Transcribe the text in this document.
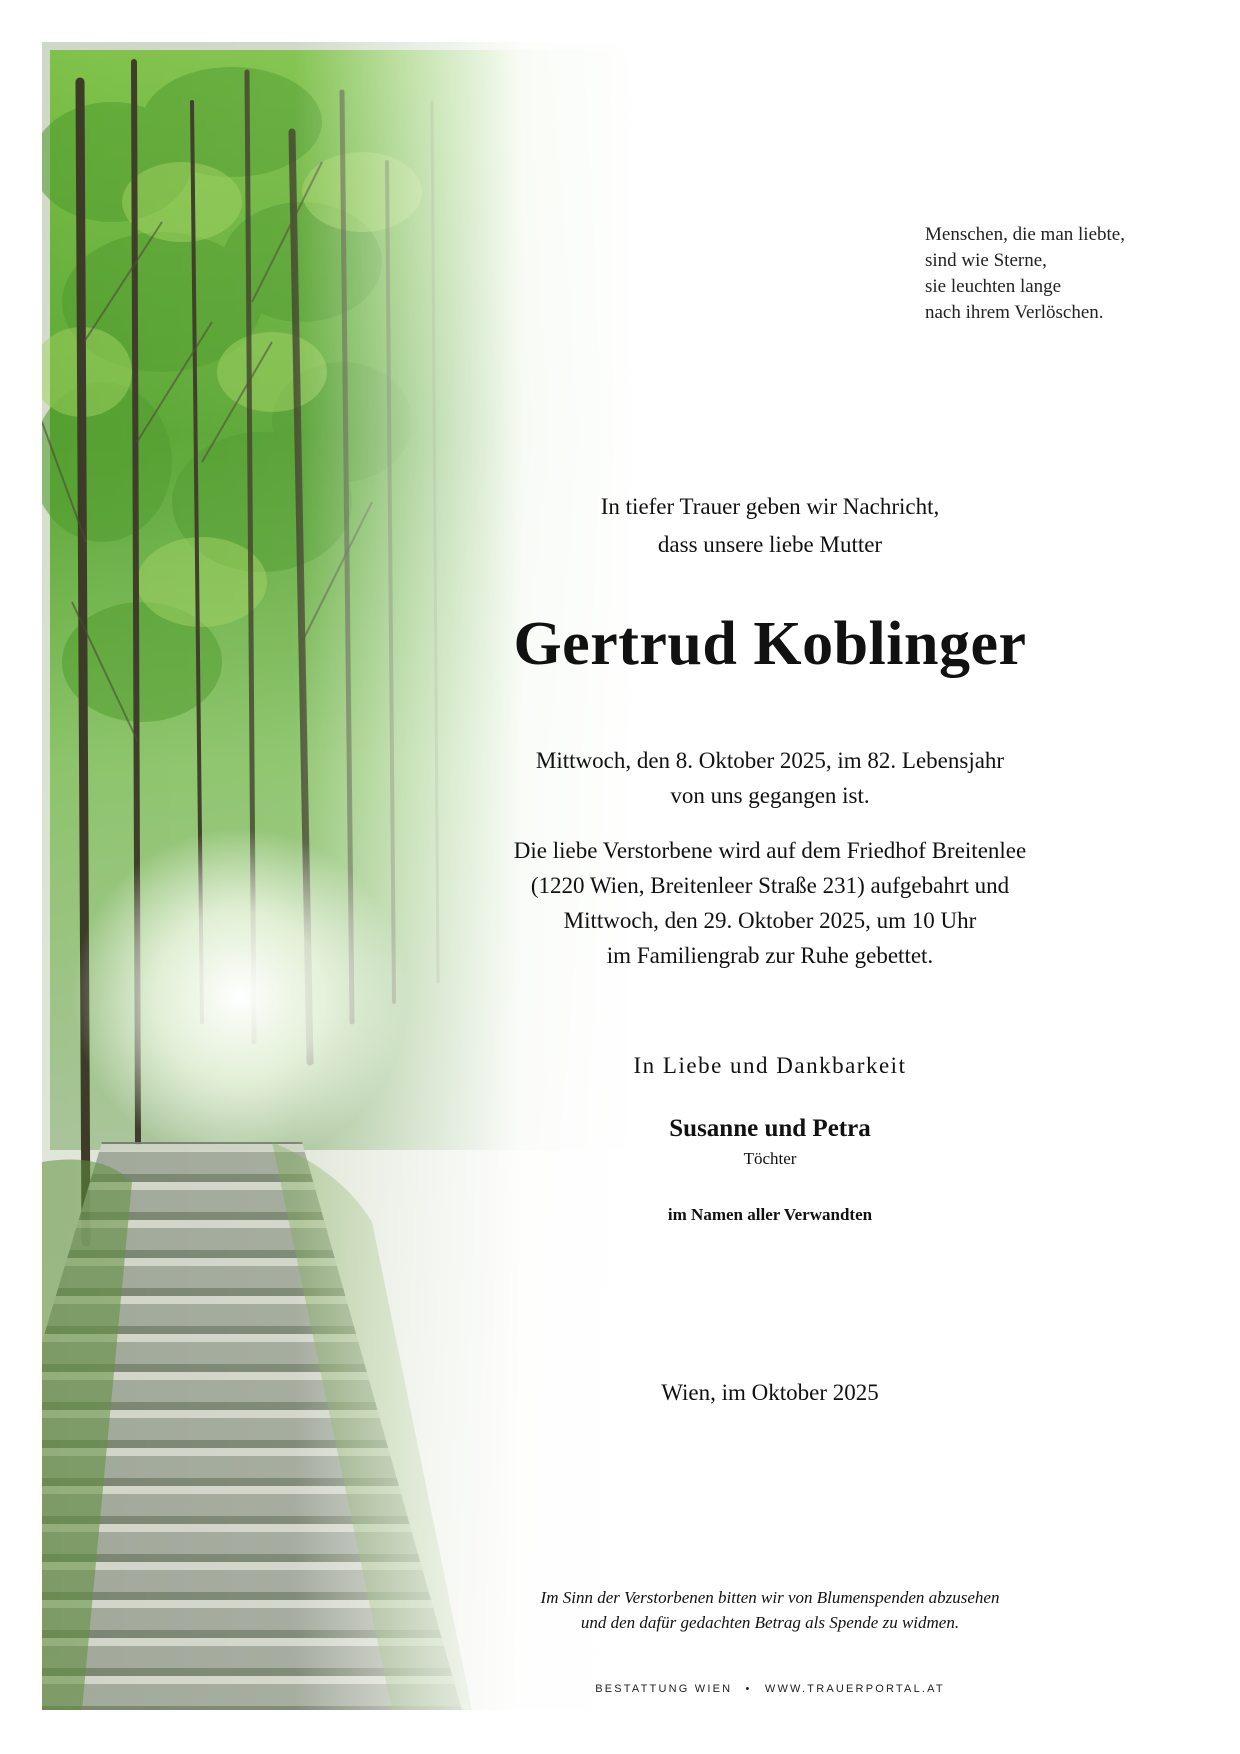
Menschen, die man liebte,
sind wie Sterne,
sie leuchten lange
nach ihrem Verlöschen.
In tiefer Trauer geben wir Nachricht,
dass unsere liebe Mutter
Gertrud Koblinger
Mittwoch, den 8. Oktober 2025, im 82. Lebensjahr
von uns gegangen ist.
Die liebe Verstorbene wird auf dem Friedhof Breitenlee
(1220 Wien, Breitenleer Straße 231) aufgebahrt und
Mittwoch, den 29. Oktober 2025, um 10 Uhr
im Familiengrab zur Ruhe gebettet.
In Liebe und Dankbarkeit
Susanne und Petra
Töchter
im Namen aller Verwandten
Wien, im Oktober 2025
Im Sinn der Verstorbenen bitten wir von Blumenspenden abzusehen
und den dafür gedachten Betrag als Spende zu widmen.
BESTATTUNG WIEN • WWW.TRAUERPORTAL.AT
